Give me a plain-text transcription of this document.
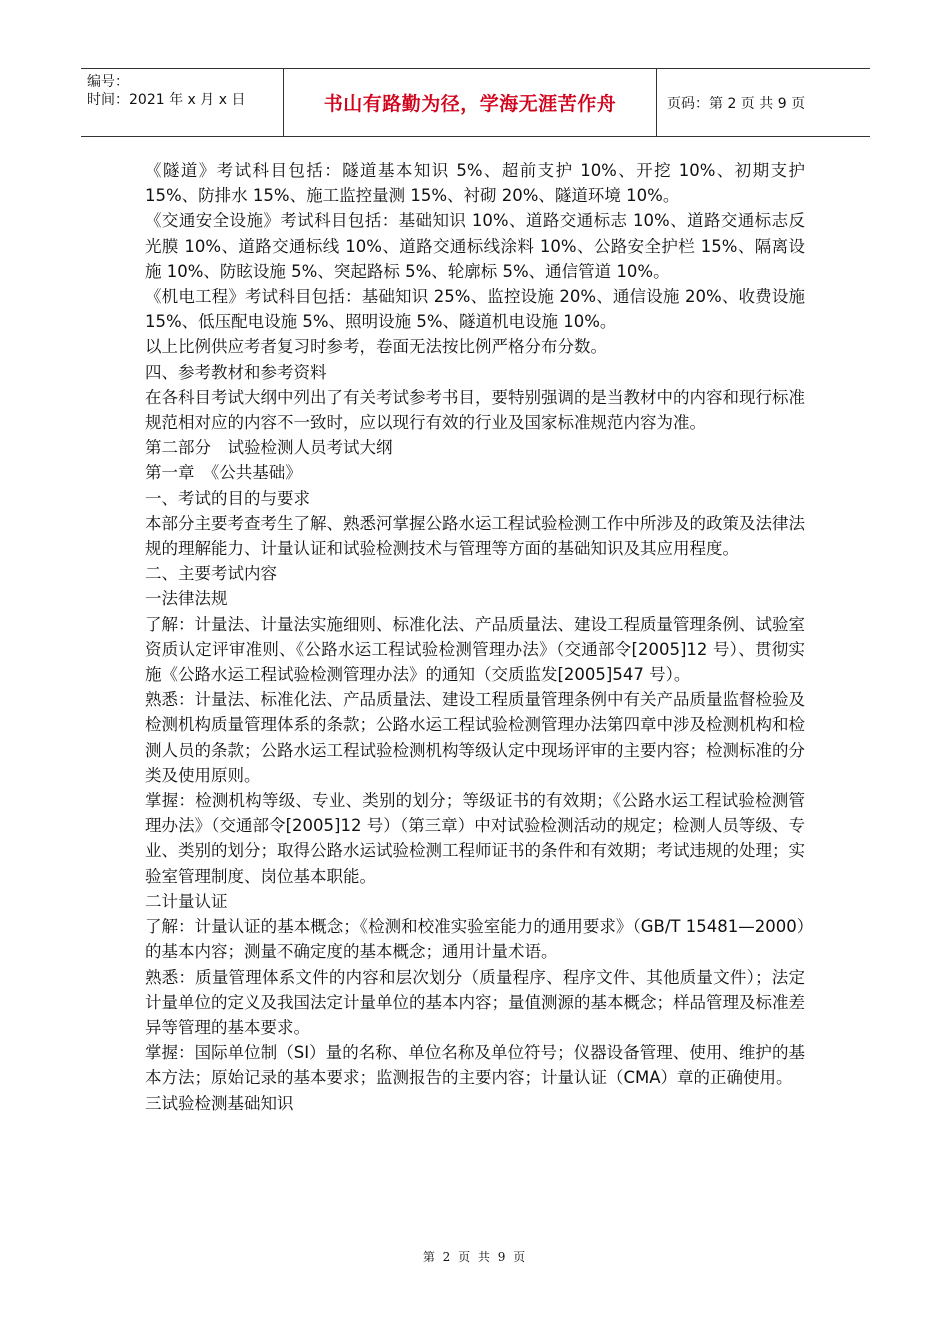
编号：
时间：2021 年 x 月 x 日	书山有路勤为径，学海无涯苦作舟	页码：第 2 页 共 9 页

《隧道》考试科目包括：隧道基本知识 5%、超前支护 10%、开挖 10%、初期支护 15%、防排水 15%、施工监控量测 15%、衬砌 20%、隧道环境 10%。

《交通安全设施》考试科目包括：基础知识 10%、道路交通标志 10%、道路交通标志反光膜 10%、道路交通标线 10%、道路交通标线涂料 10%、公路安全护栏 15%、隔离设施 10%、防眩设施 5%、突起路标 5%、轮廓标 5%、通信管道 10%。

《机电工程》考试科目包括：基础知识 25%、监控设施 20%、通信设施 20%、收费设施 15%、低压配电设施 5%、照明设施 5%、隧道机电设施 10%。

以上比例供应考者复习时参考，卷面无法按比例严格分布分数。

四、参考教材和参考资料

在各科目考试大纲中列出了有关考试参考书目，要特别强调的是当教材中的内容和现行标准规范相对应的内容不一致时，应以现行有效的行业及国家标准规范内容为准。

第二部分　试验检测人员考试大纲

第一章　《公共基础》

一、考试的目的与要求

本部分主要考查考生了解、熟悉河掌握公路水运工程试验检测工作中所涉及的政策及法律法规的理解能力、计量认证和试验检测技术与管理等方面的基础知识及其应用程度。

二、主要考试内容

一法律法规

了解：计量法、计量法实施细则、标准化法、产品质量法、建设工程质量管理条例、试验室资质认定评审准则、《公路水运工程试验检测管理办法》（交通部令[2005]12 号）、贯彻实施《公路水运工程试验检测管理办法》的通知（交质监发[2005]547 号）。

熟悉：计量法、标准化法、产品质量法、建设工程质量管理条例中有关产品质量监督检验及检测机构质量管理体系的条款；公路水运工程试验检测管理办法第四章中涉及检测机构和检测人员的条款；公路水运工程试验检测机构等级认定中现场评审的主要内容；检测标准的分类及使用原则。

掌握：检测机构等级、专业、类别的划分；等级证书的有效期；《公路水运工程试验检测管理办法》（交通部令[2005]12 号）（第三章）中对试验检测活动的规定；检测人员等级、专业、类别的划分；取得公路水运试验检测工程师证书的条件和有效期；考试违规的处理；实验室管理制度、岗位基本职能。

二计量认证

了解：计量认证的基本概念；《检测和校准实验室能力的通用要求》（GB/T 15481—2000）的基本内容；测量不确定度的基本概念；通用计量术语。

熟悉：质量管理体系文件的内容和层次划分（质量程序、程序文件、其他质量文件）；法定计量单位的定义及我国法定计量单位的基本内容；量值测源的基本概念；样品管理及标准差异等管理的基本要求。

掌握：国际单位制（SI）量的名称、单位名称及单位符号；仪器设备管理、使用、维护的基本方法；原始记录的基本要求；监测报告的主要内容；计量认证（CMA）章的正确使用。

三试验检测基础知识

第 2 页 共 9 页
